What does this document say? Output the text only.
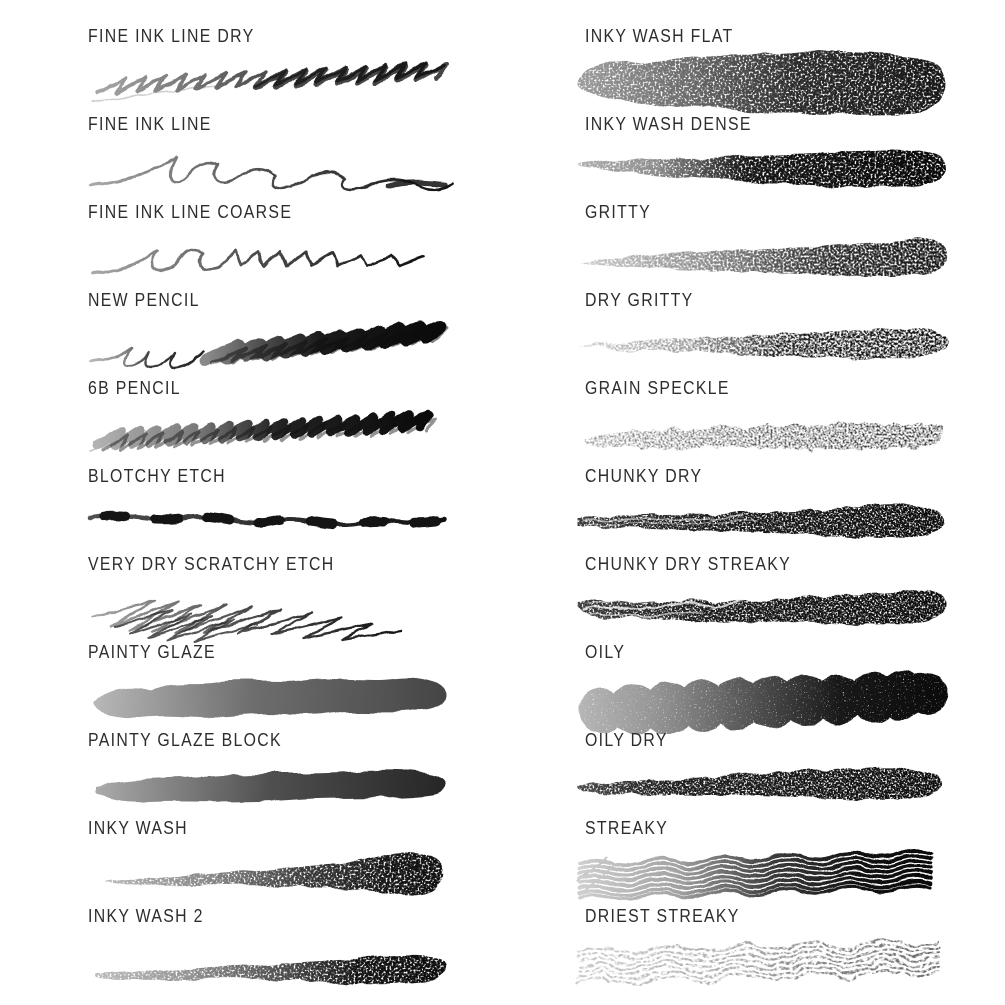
FINE INK LINE DRY
FINE INK LINE
FINE INK LINE COARSE
NEW PENCIL
6B PENCIL
BLOTCHY ETCH
VERY DRY SCRATCHY ETCH
PAINTY GLAZE
PAINTY GLAZE BLOCK
INKY WASH
INKY WASH 2
INKY WASH FLAT
INKY WASH DENSE
GRITTY
DRY GRITTY
GRAIN SPECKLE
CHUNKY DRY
CHUNKY DRY STREAKY
OILY
OILY DRY
STREAKY
DRIEST STREAKY
